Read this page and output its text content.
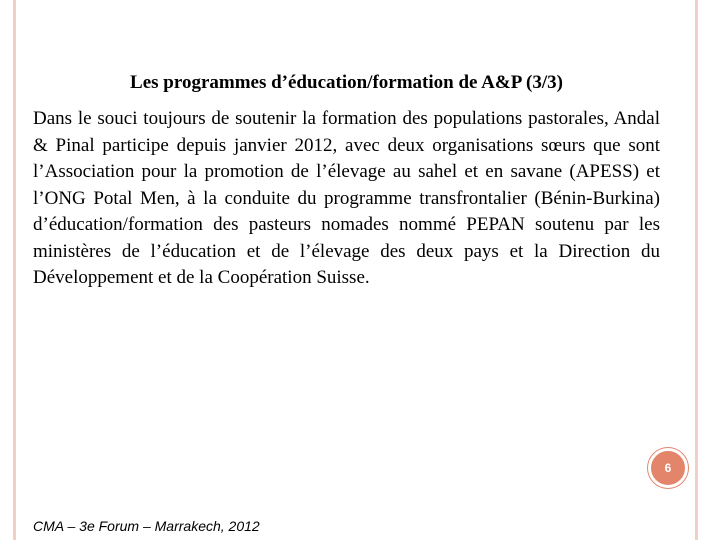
Les programmes d’éducation/formation de A&P (3/3)

Dans le souci toujours de soutenir la formation des populations pastorales, Andal & Pinal participe depuis janvier 2012, avec deux organisations sœurs que sont l’Association pour la promotion de l’élevage au sahel et en savane (APESS) et l’ONG Potal Men, à la conduite du programme transfrontalier (Bénin-Burkina) d’éducation/formation des pasteurs nomades nommé PEPAN soutenu par les ministères de l’éducation et de l’élevage des deux pays et la Direction du Développement et de la Coopération Suisse.

6

CMA – 3e Forum – Marrakech, 2012
